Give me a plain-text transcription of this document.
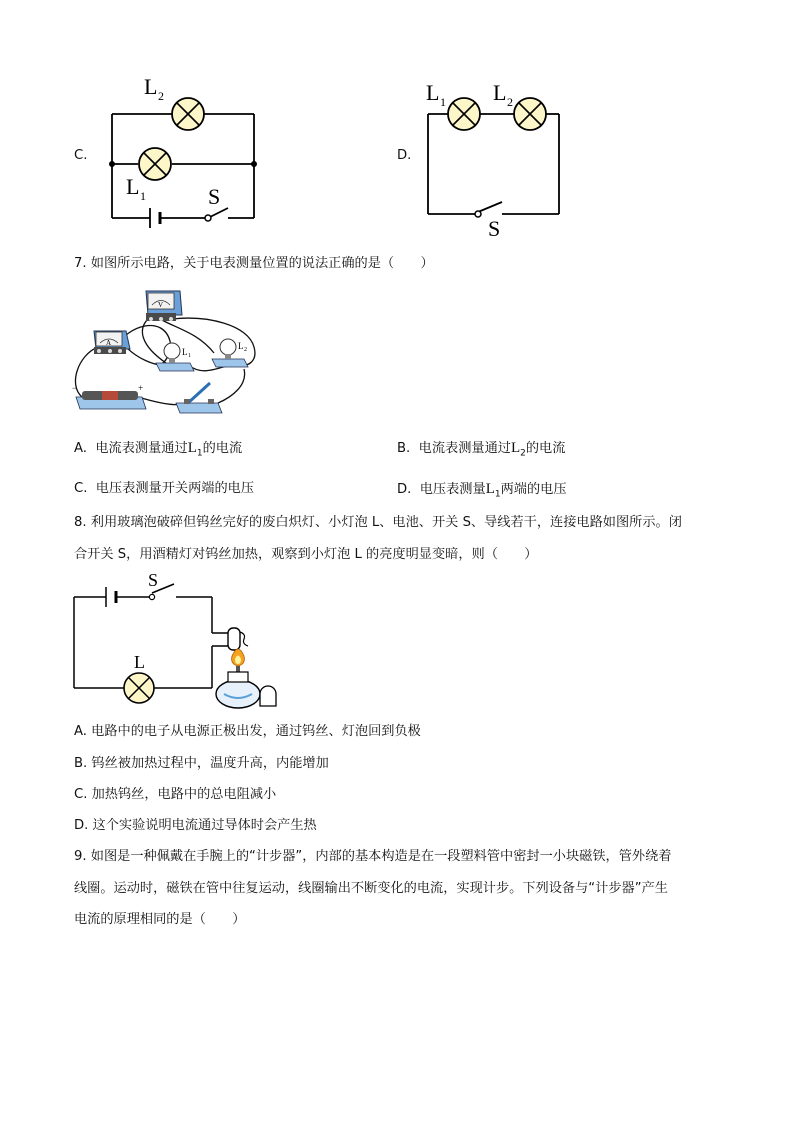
C.
L 2
L 1	S
D.
L 1 L 2
S
7. 如图所示电路，关于电表测量位置的说法正确的是（　　）
V
A
L 1
L 2
−	+
A. 电流表测量通过$L_1$的电流	B. 电流表测量通过$L_2$的电流
C. 电压表测量开关两端的电压	D. 电压表测量$L_1$两端的电压
8. 利用玻璃泡破碎但钨丝完好的废白炽灯、小灯泡 L、电池、开关 S、导线若干，连接电路如图所示。闭
合开关 S，用酒精灯对钨丝加热，观察到小灯泡 L 的亮度明显变暗，则（　　）
S
L
A. 电路中的电子从电源正极出发，通过钨丝、灯泡回到负极
B. 钨丝被加热过程中，温度升高，内能增加
C. 加热钨丝，电路中的总电阻减小
D. 这个实验说明电流通过导体时会产生热
9. 如图是一种佩戴在手腕上的“计步器”，内部的基本构造是在一段塑料管中密封一小块磁铁，管外绕着
线圈。运动时，磁铁在管中往复运动，线圈输出不断变化的电流，实现计步。下列设备与“计步器”产生
电流的原理相同的是（　　）
